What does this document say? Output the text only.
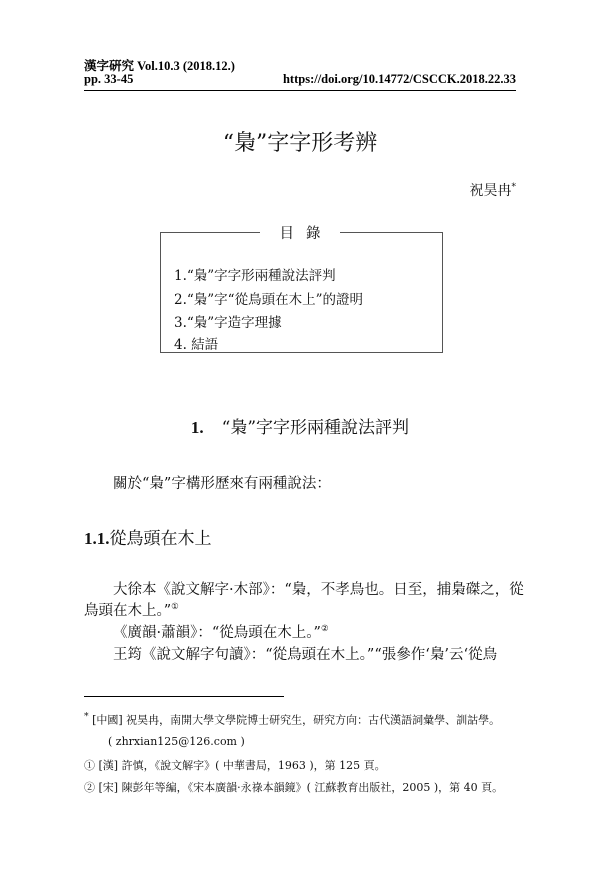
漢字硏究 Vol.10.3 (2018.12.)
pp. 33-45	https://doi.org/10.14772/CSCCK.2018.22.33
“梟”字字形考辨
祝昊冉*
目錄
1.“梟”字字形兩種說法評判
2.“梟”字“從鳥頭在木上”的證明
3.“梟”字造字理據
4. 結語
1. “梟”字字形兩種說法評判
關於“梟”字構形歷來有兩種說法：
1.1.從鳥頭在木上
大徐本《說文解字·木部》：“梟，不孝鳥也。日至，捕梟磔之，從
鳥頭在木上。”①
《廣韻·蕭韻》：“從鳥頭在木上。”②
王筠《說文解字句讀》：“從鳥頭在木上。”“張參作‘梟’云‘從鳥
* [中國] 祝昊冉，南開大學文學院博士研究生，研究方向：古代漢語詞彙學、訓詁學。
( zhrxian125@126.com )
① [漢] 許慎，《說文解字》( 中華書局，1963 )，第 125 頁。
② [宋] 陳彭年等編，《宋本廣韻·永祿本韻鏡》( 江蘇教育出版社，2005 )，第 40 頁。
